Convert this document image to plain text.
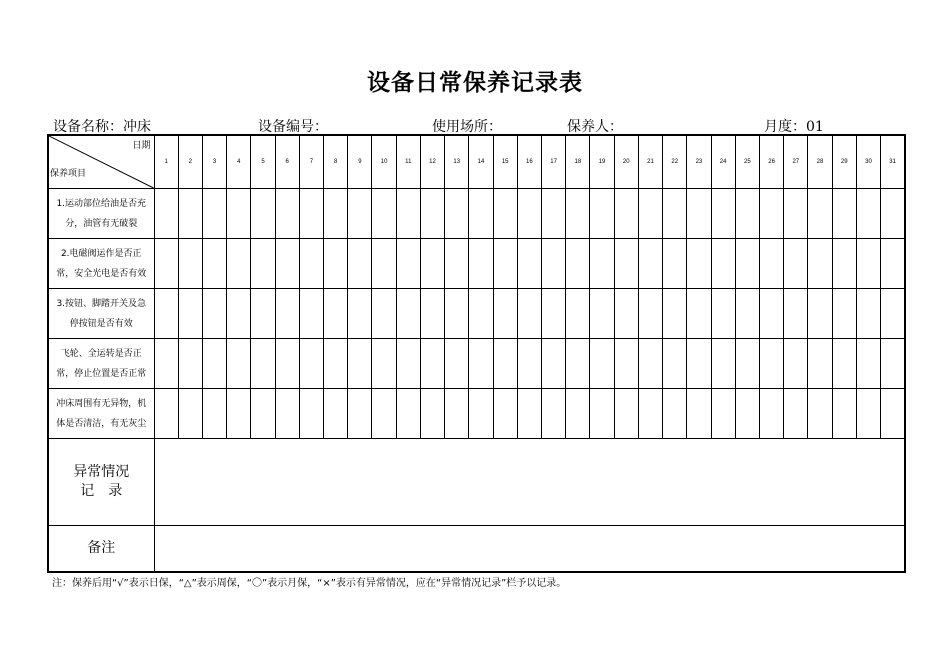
设备日常保养记录表
设备名称：冲床	设备编号：	使用场所：	保养人：	月度：01
日期
保养项目	1	2	3	4	5	6	7	8	9	10	11	12	13	14	15	16	17	18	19	20	21	22	23	24	25	26	27	28	29	30	31

1.运动部位给油是否充
分，油管有无破裂																															

2.电磁阀运作是否正
常，安全光电是否有效																															

3.按钮、脚踏开关及急
停按钮是否有效																															

飞轮、全运转是否正
常，停止位置是否正常																															

冲床周围有无异物，机
体是否清洁，有无灰尘																															

异常情况
记　录																															

备注																															
注：保养后用“√”表示日保，“△”表示周保，“〇”表示月保，“×”表示有异常情况，应在“异常情况记录”栏予以记录。
